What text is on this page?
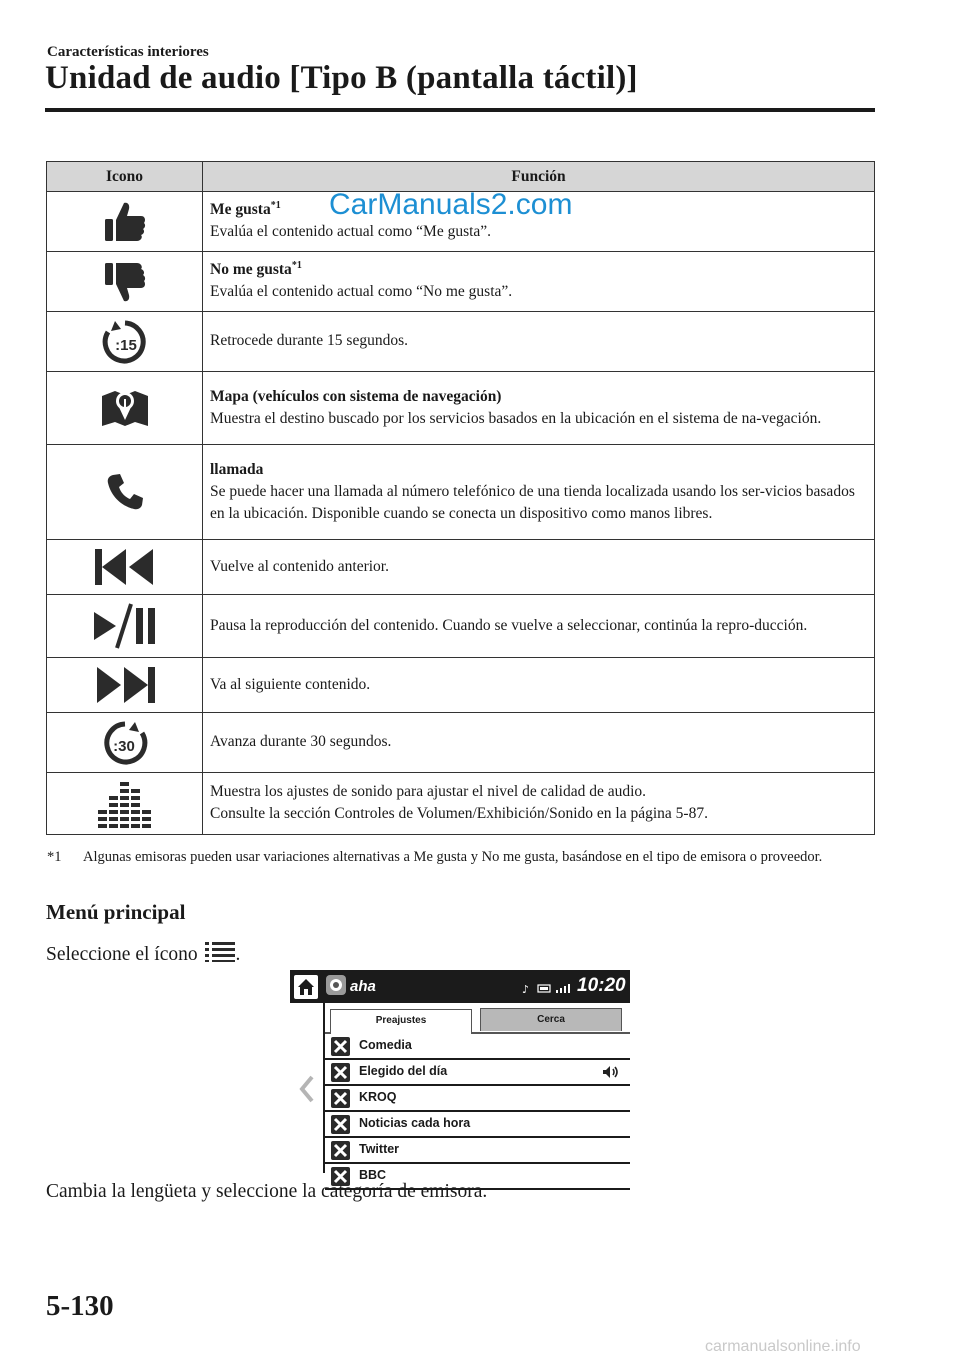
Características interiores
Unidad de audio [Tipo B (pantalla táctil)]
Icono	Función

Me gusta$^{*1}$
Evalúa el contenido actual como “Me gusta”.

No me gusta$^{*1}$
Evalúa el contenido actual como “No me gusta”.

:15	Retrocede durante 15 segundos.

Mapa (vehículos con sistema de navegación)
Muestra el destino buscado por los servicios basados en la ubicación en el sistema de na-vegación.

llamada
Se puede hacer una llamada al número telefónico de una tienda localizada usando los ser-vicios basados en la ubicación. Disponible cuando se conecta un dispositivo como manos libres.

Vuelve al contenido anterior.

Pausa la reproducción del contenido. Cuando se vuelve a seleccionar, continúa la repro-ducción.

Va al siguiente contenido.

:30	Avanza durante 30 segundos.

Muestra los ajustes de sonido para ajustar el nivel de calidad de audio.
Consulte la sección Controles de Volumen/Exhibición/Sonido en la página 5-87.
CarManuals2.com
*1 Algunas emisoras pueden usar variaciones alternativas a Me gusta y No me gusta, basándose en el tipo de emisora o proveedor.
Menú principal
Seleccione el ícono .
aha	♪	10:20
Preajustes	Cerca
Comedia
Elegido del día
KROQ
Noticias cada hora
Twitter
BBC
Cambia la lengüeta y seleccione la categoría de emisora.
5-130
carmanualsonline.info
